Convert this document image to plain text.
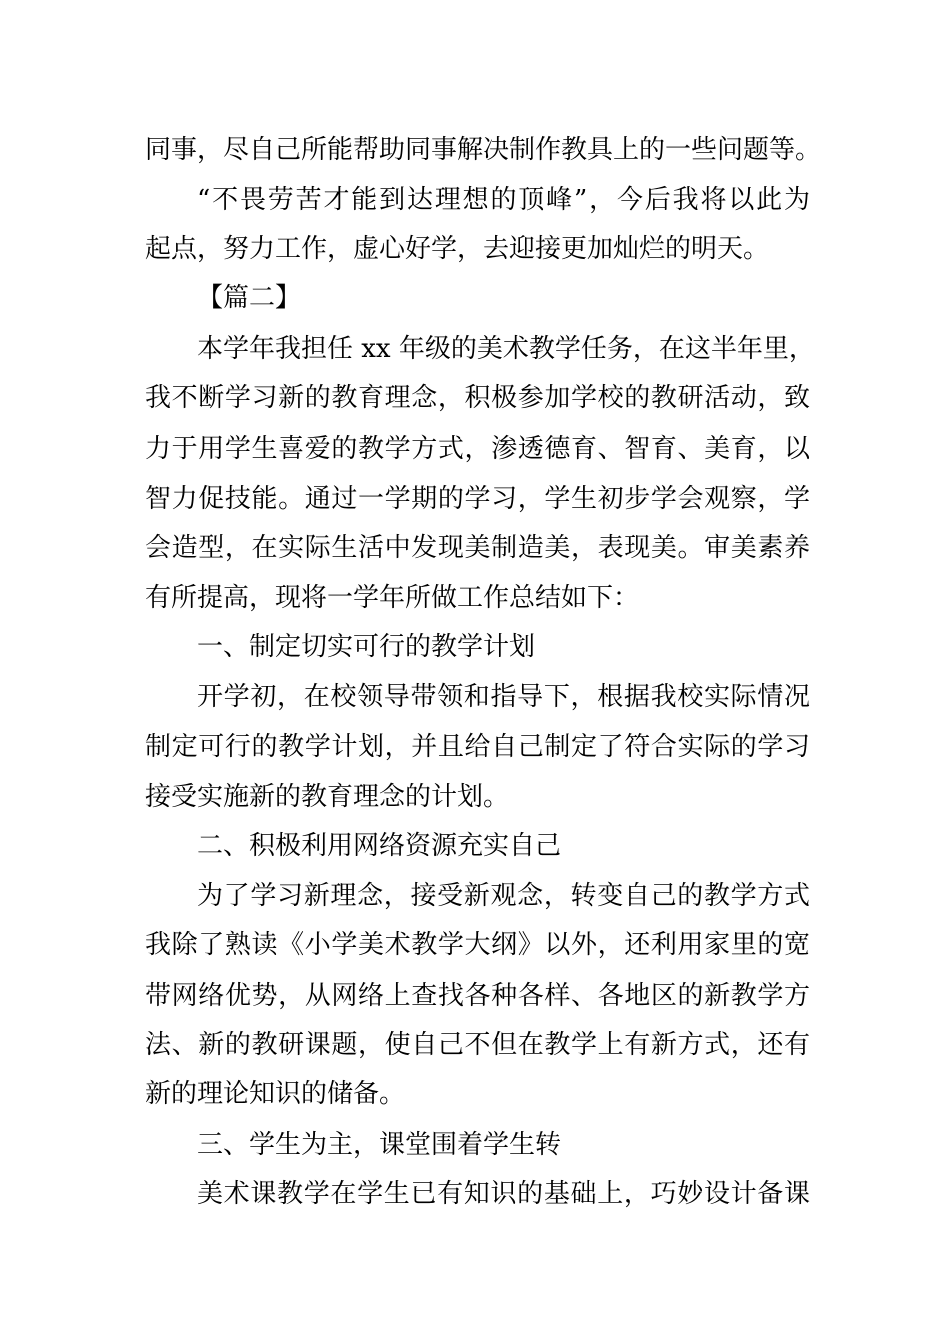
同事，尽自己所能帮助同事解决制作教具上的一些问题等。

“不畏劳苦才能到达理想的顶峰”，今后我将以此为

起点，努力工作，虚心好学，去迎接更加灿烂的明天。

【篇二】

本学年我担任 xx 年级的美术教学任务，在这半年里，

我不断学习新的教育理念，积极参加学校的教研活动，致

力于用学生喜爱的教学方式，渗透德育、智育、美育，以

智力促技能。通过一学期的学习，学生初步学会观察，学

会造型，在实际生活中发现美制造美，表现美。审美素养

有所提高，现将一学年所做工作总结如下：

一、制定切实可行的教学计划

开学初，在校领导带领和指导下，根据我校实际情况

制定可行的教学计划，并且给自己制定了符合实际的学习

接受实施新的教育理念的计划。

二、积极利用网络资源充实自己

为了学习新理念，接受新观念，转变自己的教学方式

我除了熟读《小学美术教学大纲》以外，还利用家里的宽

带网络优势，从网络上查找各种各样、各地区的新教学方

法、新的教研课题，使自己不但在教学上有新方式，还有

新的理论知识的储备。

三、学生为主，课堂围着学生转

美术课教学在学生已有知识的基础上，巧妙设计备课
